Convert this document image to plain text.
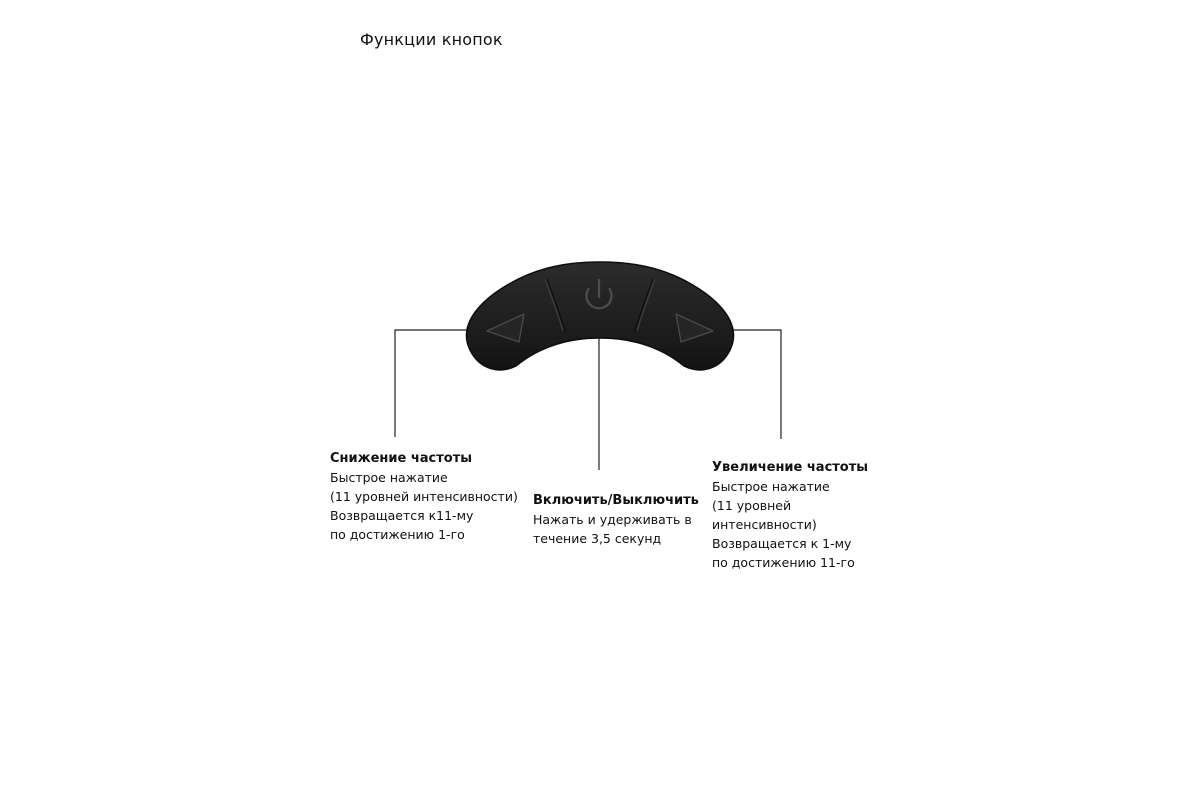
Функции кнопок
Снижение частоты
Быстрое нажатие
(11 уровней интенсивности)
Возвращается к11-му
по достижению 1-го
Включить/Выключить
Нажать и удерживать в
течение 3,5 секунд
Увеличение частоты
Быстрое нажатие
(11 уровней
интенсивности)
Возвращается к 1-му
по достижению 11-го
